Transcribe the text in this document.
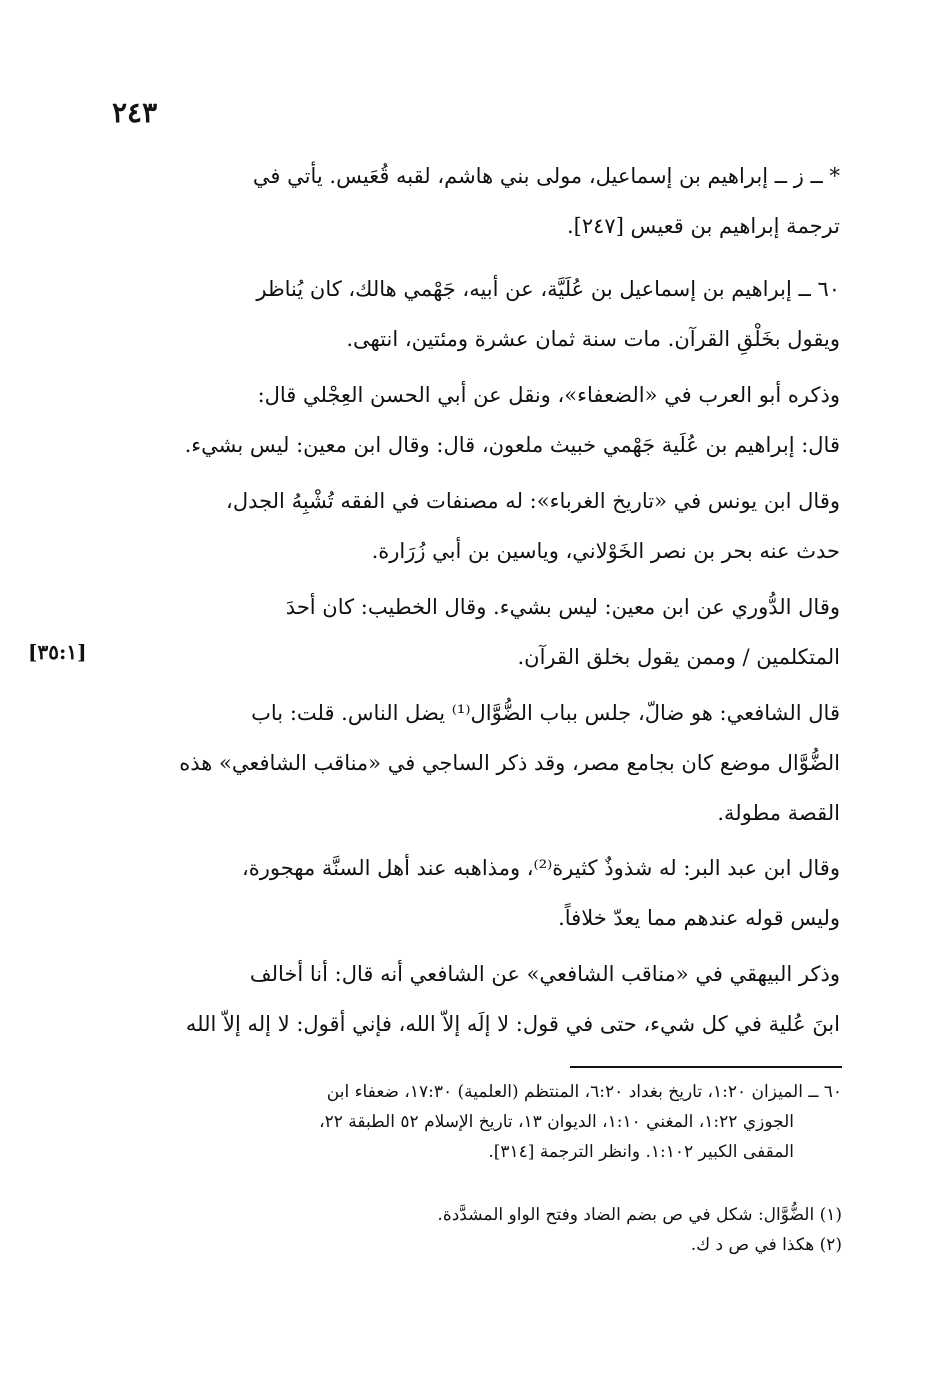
٢٤٣
* ــ ز ــ إبراهيم بن إسماعيل، مولى بني هاشم، لقبه قُعَيس. يأتي في
ترجمة إبراهيم بن قعيس [٢٤٧].
٦٠ ــ إبراهيم بن إسماعيل بن عُلَيَّة، عن أبيه، جَهْمي هالك، كان يُناظر
ويقول بخَلْقِ القرآن. مات سنة ثمان عشرة ومئتين، انتهى.
وذكره أبو العرب في «الضعفاء»، ونقل عن أبي الحسن العِجْلي قال:
قال: إبراهيم بن عُلَية جَهْمي خبيث ملعون، قال: وقال ابن معين: ليس بشيء.
وقال ابن يونس في «تاريخ الغرباء»: له مصنفات في الفقه تُشْبِهُ الجدل،
حدث عنه بحر بن نصر الخَوْلاني، وياسين بن أبي زُرَارة.
وقال الدُّوري عن ابن معين: ليس بشيء. وقال الخطيب: كان أحدَ
المتكلمين / وممن يقول بخلق القرآن.
[٣٥:١]
قال الشافعي: هو ضالّ، جلس بباب الضُّوَّال⁽¹⁾ يضل الناس. قلت: باب
الضُّوَّال موضع كان بجامع مصر، وقد ذكر الساجي في «مناقب الشافعي» هذه
القصة مطولة.
وقال ابن عبد البر: له شذوذٌ كثيرة⁽²⁾، ومذاهبه عند أهل السنَّة مهجورة،
وليس قوله عندهم مما يعدّ خلافاً.
وذكر البيهقي في «مناقب الشافعي» عن الشافعي أنه قال: أنا أخالف
ابنَ عُلية في كل شيء، حتى في قول: لا إلَه إلاّ الله، فإني أقول: لا إله إلاّ الله
٦٠ ــ الميزان ١:٢٠، تاريخ بغداد ٦:٢٠، المنتظم (العلمية) ١٧:٣٠، ضعفاء ابن
الجوزي ١:٢٢، المغني ١:١٠، الديوان ١٣، تاريخ الإسلام ٥٢ الطبقة ٢٢،
المقفى الكبير ١:١٠٢. وانظر الترجمة [٣١٤].
(١) الضُّوَّال: شكل في ص بضم الضاد وفتح الواو المشدَّدة.
(٢) هكذا في ص د ك.
